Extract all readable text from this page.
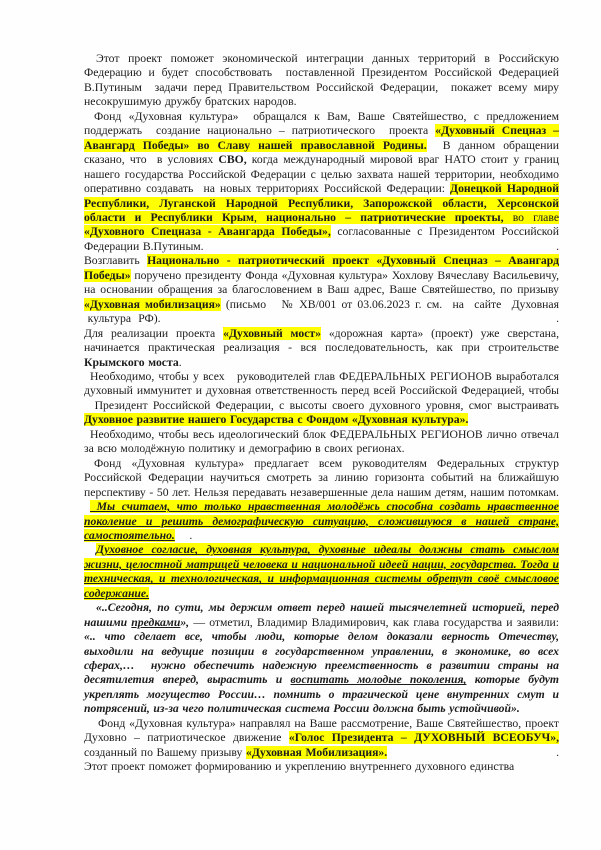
Этот проект поможет экономической интеграции данных территорий в Российскую Федерацию и будет способствовать  поставленной Президентом Российской Федерацией В.Путиным  задачи перед Правительством Российской Федерации,  покажет всему миру несокрушимую дружбу братских народов.

Фонд «Духовная культура»  обращался к Вам, Ваше Святейшество, с предложением поддержать  создание национально – патриотического  проекта «Духовный Спецназ – Авангард Победы» во Славу нашей православной Родины.  В данном обращении сказано, что  в условиях СВО, когда международный мировой враг НАТО стоит у границ нашего государства Российской Федерации с целью захвата нашей территории, необходимо оперативно создавать  на новых территориях Российской Федерации: Донецкой Народной Республики, Луганской Народной Республики, Запорожской области, Херсонской области и Республики Крым, национально – патриотические проекты, во главе «Духовного Спецназа - Авангарда Победы», согласованные с Президентом Российской Федерации В.Путиным.	.

Возглавить Национально - патриотический проект «Духовный Спецназ – Авангард Победы» поручено президенту Фонда «Духовная культура» Хохлову Вячеславу Васильевичу, на основании обращения за благословением в Ваш адрес, Ваше Святейшество, по призыву «Духовная мобилизация» (письмо   № ХВ/001 от 03.06.2023 г. см.  на  сайте  Духовная  культура  РФ).	.

Для реализации проекта «Духовный мост» «дорожная карта» (проект) уже сверстана, начинается практическая реализация - вся последовательность, как при строительстве Крымского моста.

Необходимо, чтобы у всех   руководителей глав ФЕДЕРАЛЬНЫХ РЕГИОНОВ выработался духовный иммунитет и духовная ответственность перед всей Российской Федерацией, чтобы   Президент Российской Федерации, с высоты своего духовного уровня, смог выстраивать Духовное развитие нашего Государства с Фондом «Духовная культура».

Необходимо, чтобы весь идеологический блок ФЕДЕРАЛЬНЫХ РЕГИОНОВ лично отвечал за всю молодёжную политику и демографию в своих регионах.

Фонд «Духовная культура» предлагает всем руководителям Федеральных структур Российской Федерации научиться смотреть за линию горизонта событий на ближайшую перспективу - 50 лет. Нельзя передавать незавершенные дела нашим детям, нашим потомкам.

Мы считаем, что только нравственная молодёжь способна создать нравственное поколение и решить демографическую ситуацию, сложившуюся в нашей стране, самостоятельно.    .

Духовное согласие, духовная культура, духовные идеалы должны стать смыслом жизни, целостной матрицей человека и национальной идеей нации, государства. Тогда и техническая, и технологическая, и информационная системы обретут своё смысловое содержание.

«..Сегодня, по сути, мы держим ответ перед нашей тысячелетней историей, перед нашими предками», — отметил, Владимир Владимирович, как глава государства и заявили: «.. что сделает все, чтобы люди, которые делом доказали верность Отечеству, выходили на ведущие позиции в государственном управлении, в экономике, во всех сферах,…  нужно обеспечить надежную преемственность в развитии страны на десятилетия вперед, вырастить и воспитать молодые поколения, которые будут укреплять могущество России… помнить о трагической цене внутренних смут и потрясений, из-за чего политическая система России должна быть устойчивой».

Фонд «Духовная культура» направлял на Ваше рассмотрение, Ваше Святейшество, проект Духовно – патриотическое движение «Голос Президента – ДУХОВНЫЙ ВСЕОБУЧ», созданный по Вашему призыву «Духовная Мобилизация».	.

Этот проект поможет формированию и укреплению внутреннего духовного единства
